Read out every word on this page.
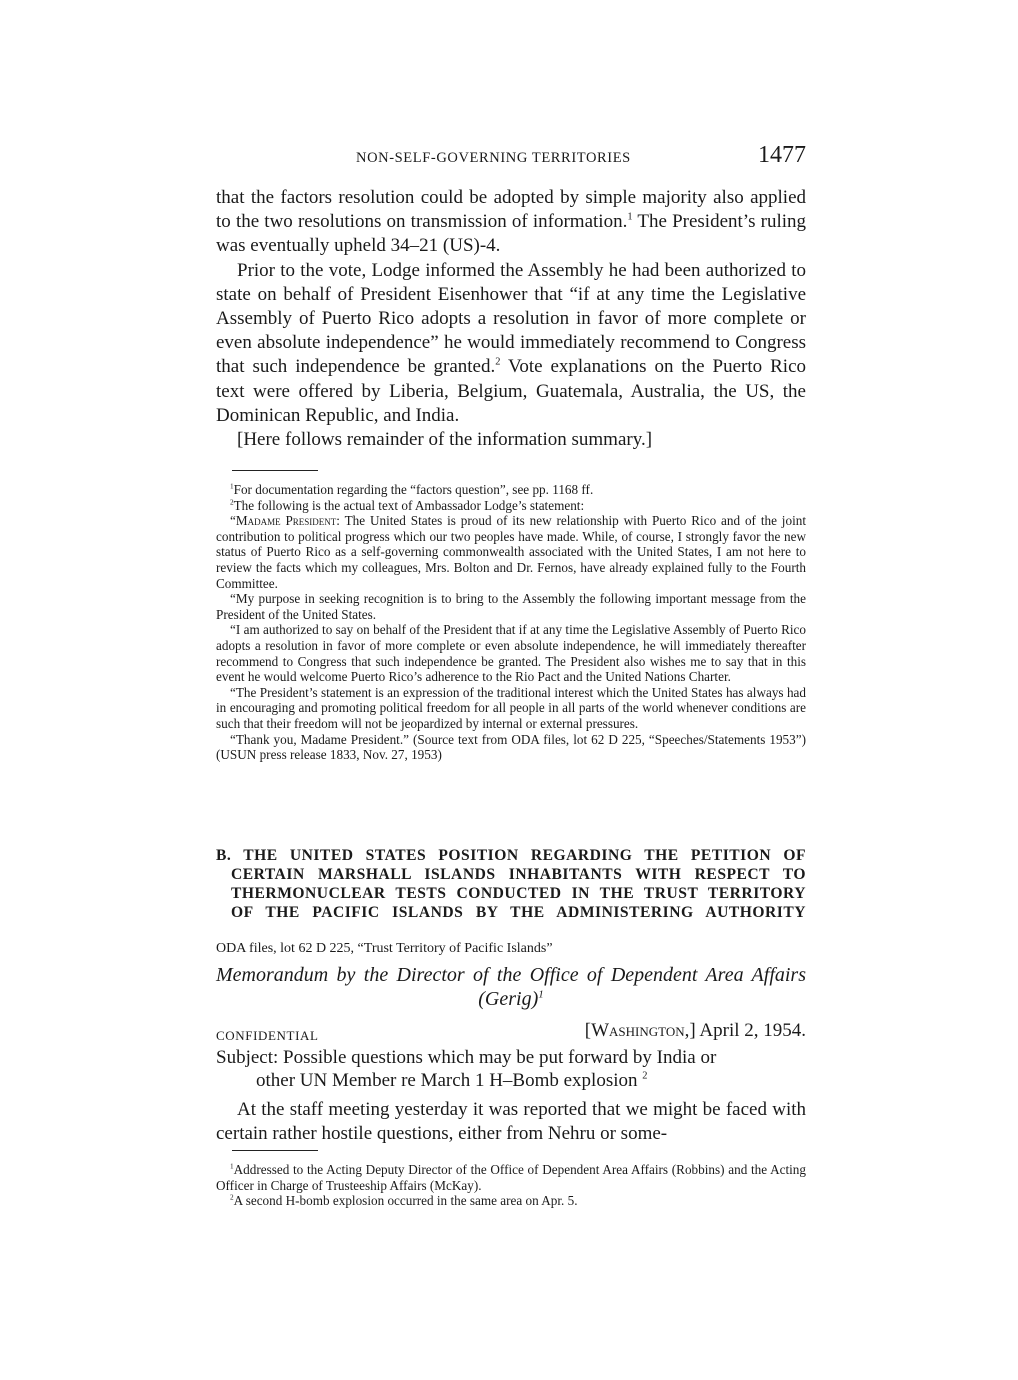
NON-SELF-GOVERNING TERRITORIES	1477

that the factors resolution could be adopted by simple majority also applied to the two resolutions on transmission of information.$^1$ The President’s ruling was eventually upheld 34–21 (US)-4.

Prior to the vote, Lodge informed the Assembly he had been authorized to state on behalf of President Eisenhower that “if at any time the Legislative Assembly of Puerto Rico adopts a resolution in favor of more complete or even absolute independence” he would immediately recommend to Congress that such independence be granted.$^2$ Vote explanations on the Puerto Rico text were offered by Liberia, Belgium, Guatemala, Australia, the US, the Dominican Republic, and India.

[Here follows remainder of the information summary.]

$^1$For documentation regarding the “factors question”, see pp. 1168 ff.

$^2$The following is the actual text of Ambassador Lodge’s statement:

“Madame President: The United States is proud of its new relationship with Puerto Rico and of the joint contribution to political progress which our two peoples have made. While, of course, I strongly favor the new status of Puerto Rico as a self-governing commonwealth associated with the United States, I am not here to review the facts which my colleagues, Mrs. Bolton and Dr. Fernos, have already explained fully to the Fourth Committee.

“My purpose in seeking recognition is to bring to the Assembly the following important message from the President of the United States.

“I am authorized to say on behalf of the President that if at any time the Legislative Assembly of Puerto Rico adopts a resolution in favor of more complete or even absolute independence, he will immediately thereafter recommend to Congress that such independence be granted. The President also wishes me to say that in this event he would welcome Puerto Rico’s adherence to the Rio Pact and the United Nations Charter.

“The President’s statement is an expression of the traditional interest which the United States has always had in encouraging and promoting political freedom for all people in all parts of the world whenever conditions are such that their freedom will not be jeopardized by internal or external pressures.

“Thank you, Madame President.” (Source text from ODA files, lot 62 D 225, “Speeches/Statements 1953”) (USUN press release 1833, Nov. 27, 1953)

B. THE UNITED STATES POSITION REGARDING THE PETITION OF
CERTAIN MARSHALL ISLANDS INHABITANTS WITH RESPECT TO
THERMONUCLEAR TESTS CONDUCTED IN THE TRUST TERRITORY
OF THE PACIFIC ISLANDS BY THE ADMINISTERING AUTHORITY
ODA files, lot 62 D 225, “Trust Territory of Pacific Islands”
Memorandum by the Director of the Office of Dependent Area Affairs
(Gerig)$^1$
CONFIDENTIAL	[Washington,] April 2, 1954.
Subject: Possible questions which may be put forward by India or
other UN Member re March 1 H–Bomb explosion $^2$

At the staff meeting yesterday it was reported that we might be faced with certain rather hostile questions, either from Nehru or some-

$^1$Addressed to the Acting Deputy Director of the Office of Dependent Area Affairs (Robbins) and the Acting Officer in Charge of Trusteeship Affairs (McKay).

$^2$A second H-bomb explosion occurred in the same area on Apr. 5.
